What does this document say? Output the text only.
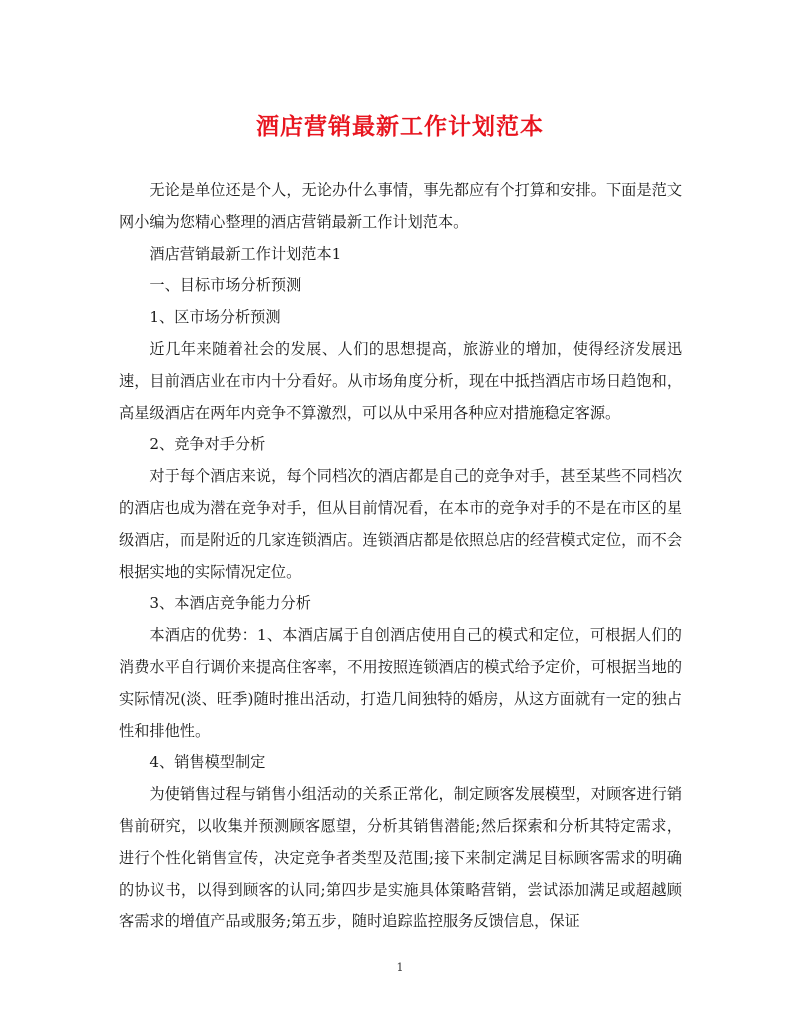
酒店营销最新工作计划范本

无论是单位还是个人，无论办什么事情，事先都应有个打算和安排。下面是范文网小编为您精心整理的酒店营销最新工作计划范本。

酒店营销最新工作计划范本1

一、目标市场分析预测

1、区市场分析预测

近几年来随着社会的发展、人们的思想提高，旅游业的增加，使得经济发展迅速，目前酒店业在市内十分看好。从市场角度分析，现在中抵挡酒店市场日趋饱和，高星级酒店在两年内竞争不算激烈，可以从中采用各种应对措施稳定客源。

2、竞争对手分析

对于每个酒店来说，每个同档次的酒店都是自己的竞争对手，甚至某些不同档次的酒店也成为潜在竞争对手，但从目前情况看，在本市的竞争对手的不是在市区的星级酒店，而是附近的几家连锁酒店。连锁酒店都是依照总店的经营模式定位，而不会根据实地的实际情况定位。

3、本酒店竞争能力分析

本酒店的优势：1、本酒店属于自创酒店使用自己的模式和定位，可根据人们的消费水平自行调价来提高住客率，不用按照连锁酒店的模式给予定价，可根据当地的实际情况(淡、旺季)随时推出活动，打造几间独特的婚房，从这方面就有一定的独占性和排他性。

4、销售模型制定

为使销售过程与销售小组活动的关系正常化，制定顾客发展模型，对顾客进行销售前研究，以收集并预测顾客愿望，分析其销售潜能;然后探索和分析其特定需求，进行个性化销售宣传，决定竞争者类型及范围;接下来制定满足目标顾客需求的明确的协议书，以得到顾客的认同;第四步是实施具体策略营销，尝试添加满足或超越顾客需求的增值产品或服务;第五步，随时追踪监控服务反馈信息，保证

1
